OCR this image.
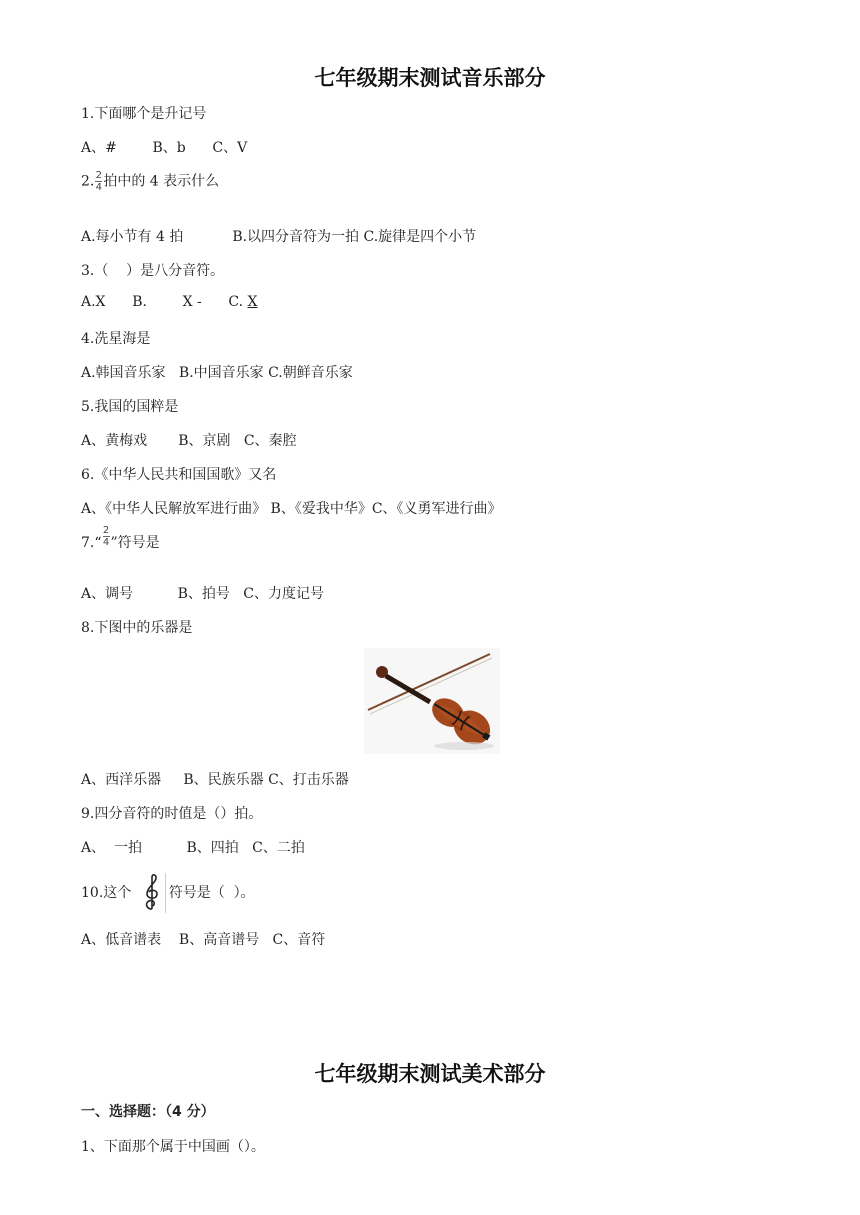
七年级期末测试音乐部分
1.下面哪个是升记号
A、#        B、b      C、V
2. $\frac{2}{4}$ 拍中的 4 表示什么
A.每小节有 4 拍           B.以四分音符为一拍 C.旋律是四个小节
3.（    ）是八分音符。
A.X      B.        X -      C. X
4.冼星海是
A.韩国音乐家   B.中国音乐家 C.朝鲜音乐家
5.我国的国粹是
A、黄梅戏       B、京剧   C、秦腔
6.《中华人民共和国国歌》又名
A、《中华人民解放军进行曲》 B、《爱我中华》C、《义勇军进行曲》
7.“ $\frac{2}{4}$ ”符号是
A、调号          B、拍号   C、力度记号
8.下图中的乐器是
A、西洋乐器     B、民族乐器 C、打击乐器
9.四分音符的时值是（）拍。
A、  一拍          B、四拍   C、二拍
10.这个 符号是（  ）。
A、低音谱表    B、高音谱号   C、音符
七年级期末测试美术部分
一、选择题：（4 分）
1、下面那个属于中国画（）。
